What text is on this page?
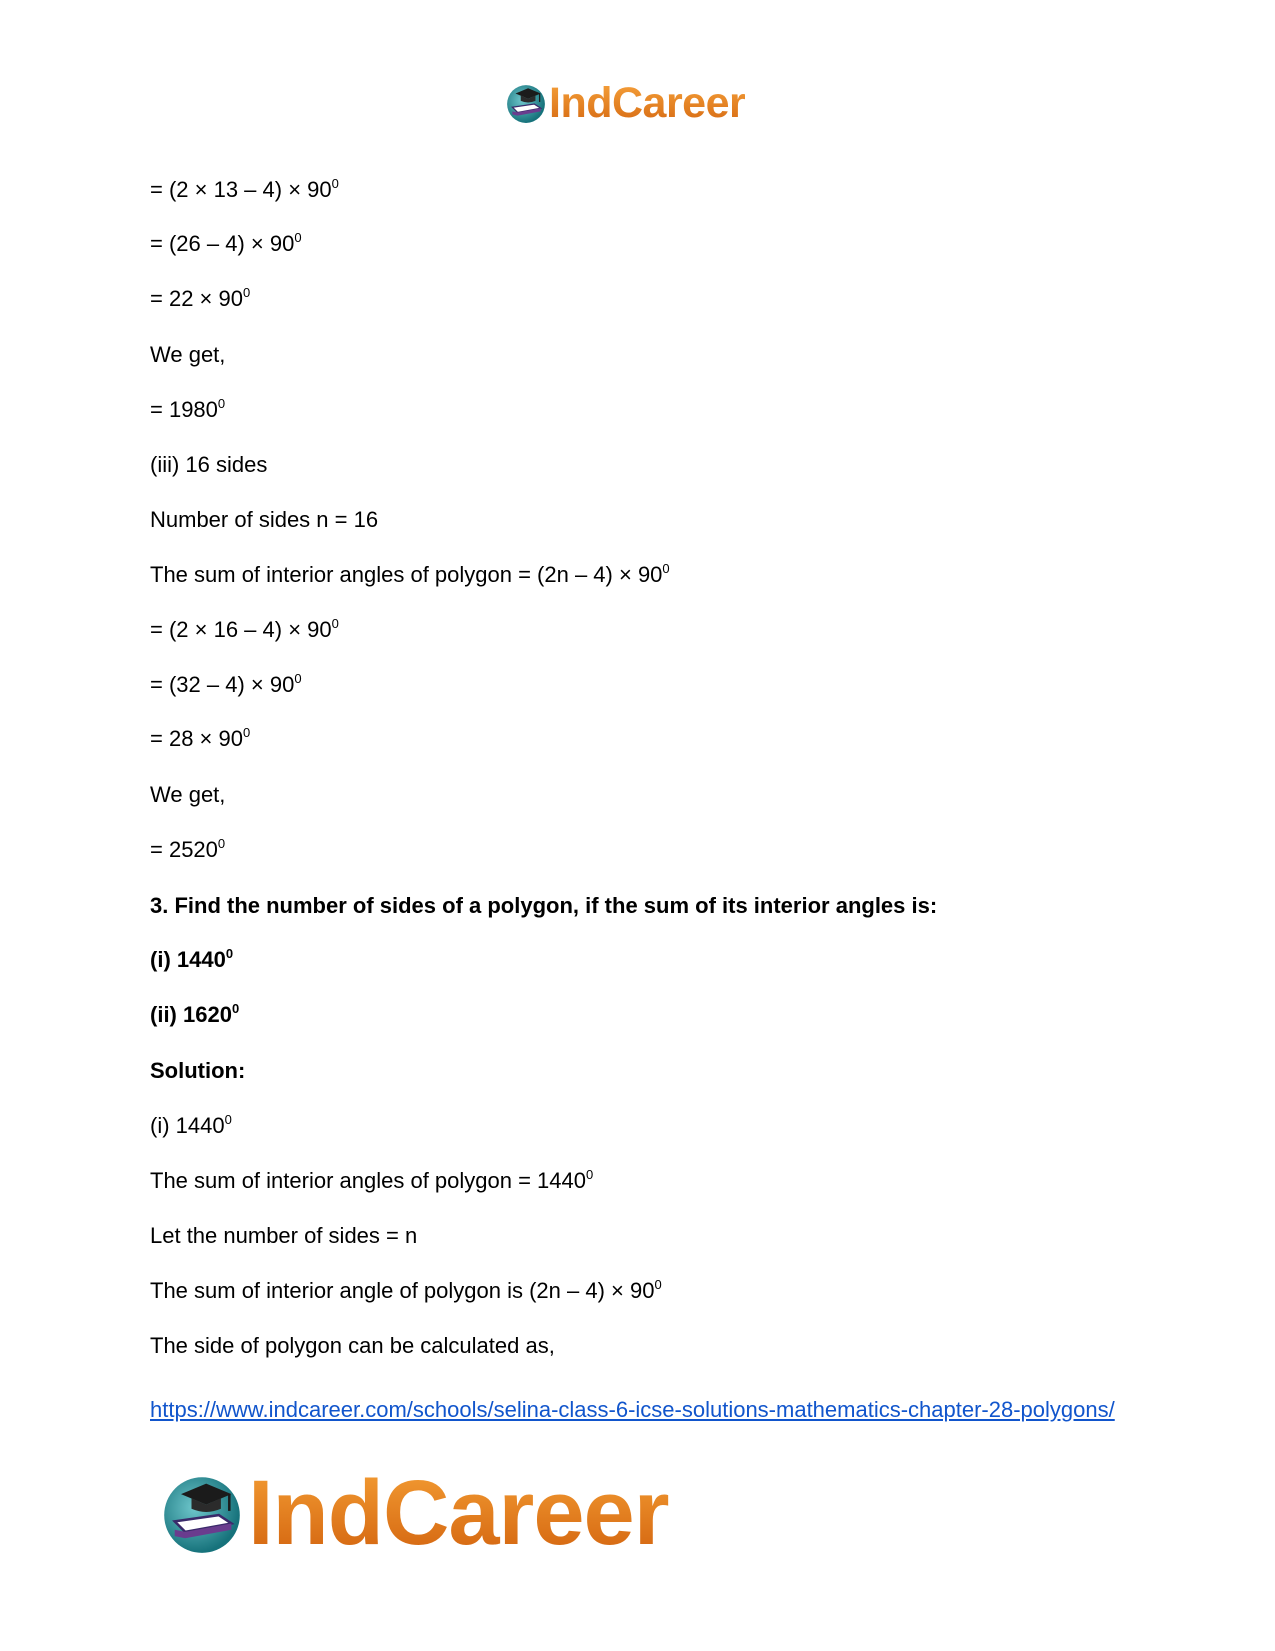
IndCareer
= $(2 \times 13 - 4) \times 90^0$
= $(26 - 4) \times 90^0$
= $22 \times 90^0$
We get,
= $1980^0$
(iii) 16 sides
Number of sides n = 16
The sum of interior angles of polygon = $(2n - 4) \times 90^0$
= $(2 \times 16 - 4) \times 90^0$
= $(32 - 4) \times 90^0$
= $28 \times 90^0$
We get,
= $2520^0$
3. Find the number of sides of a polygon, if the sum of its interior angles is:
(i) 1440$^0$
(ii) 1620$^0$
Solution:
(i) 1440$^0$
The sum of interior angles of polygon = $1440^0$
Let the number of sides = n
The sum of interior angle of polygon is $(2n - 4) \times 90^0$
The side of polygon can be calculated as,
https://www.indcareer.com/schools/selina-class-6-icse-solutions-mathematics-chapter-28-polygons/
IndCareer
